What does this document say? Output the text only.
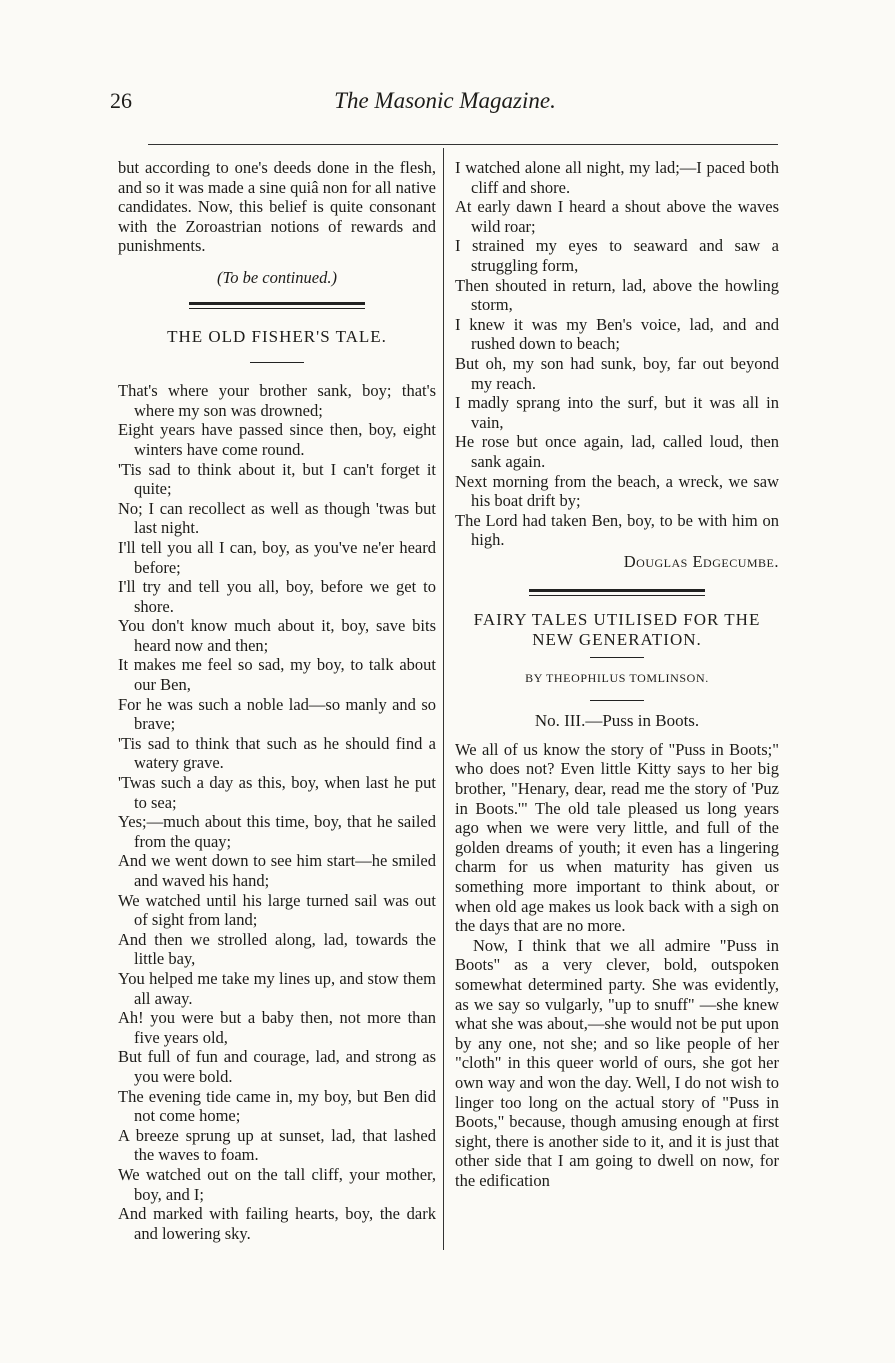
26	The Masonic Magazine.

but according to one's deeds done in the flesh, and so it was made a sine quiâ non for all native candidates. Now, this belief is quite consonant with the Zoroastrian notions of rewards and punishments.

(To be continued.)

THE OLD FISHER'S TALE.

That's where your brother sank, boy; that's where my son was drowned;

Eight years have passed since then, boy, eight winters have come round.

'Tis sad to think about it, but I can't forget it quite;

No; I can recollect as well as though 'twas but last night.

I'll tell you all I can, boy, as you've ne'er heard before;

I'll try and tell you all, boy, before we get to shore.

You don't know much about it, boy, save bits heard now and then;

It makes me feel so sad, my boy, to talk about our Ben,

For he was such a noble lad—so manly and so brave;

'Tis sad to think that such as he should find a watery grave.

'Twas such a day as this, boy, when last he put to sea;

Yes;—much about this time, boy, that he sailed from the quay;

And we went down to see him start—he smiled and waved his hand;

We watched until his large turned sail was out of sight from land;

And then we strolled along, lad, towards the little bay,

You helped me take my lines up, and stow them all away.

Ah! you were but a baby then, not more than five years old,

But full of fun and courage, lad, and strong as you were bold.

The evening tide came in, my boy, but Ben did not come home;

A breeze sprung up at sunset, lad, that lashed the waves to foam.

We watched out on the tall cliff, your mother, boy, and I;

And marked with failing hearts, boy, the dark and lowering sky.

I watched alone all night, my lad;—I paced both cliff and shore.

At early dawn I heard a shout above the waves wild roar;

I strained my eyes to seaward and saw a struggling form,

Then shouted in return, lad, above the howling storm,

I knew it was my Ben's voice, lad, and and rushed down to beach;

But oh, my son had sunk, boy, far out beyond my reach.

I madly sprang into the surf, but it was all in vain,

He rose but once again, lad, called loud, then sank again.

Next morning from the beach, a wreck, we saw his boat drift by;

The Lord had taken Ben, boy, to be with him on high.

Douglas Edgecumbe.

FAIRY TALES UTILISED FOR THE

NEW GENERATION.

BY THEOPHILUS TOMLINSON.

No. III.—Puss in Boots.

We all of us know the story of "Puss in Boots;" who does not? Even little Kitty says to her big brother, "Henary, dear, read me the story of 'Puz in Boots.'" The old tale pleased us long years ago when we were very little, and full of the golden dreams of youth; it even has a lingering charm for us when maturity has given us something more important to think about, or when old age makes us look back with a sigh on the days that are no more.

Now, I think that we all admire "Puss in Boots" as a very clever, bold, outspoken somewhat determined party. She was evidently, as we say so vulgarly, "up to snuff" —she knew what she was about,—she would not be put upon by any one, not she; and so like people of her "cloth" in this queer world of ours, she got her own way and won the day. Well, I do not wish to linger too long on the actual story of "Puss in Boots," because, though amusing enough at first sight, there is another side to it, and it is just that other side that I am going to dwell on now, for the edification
